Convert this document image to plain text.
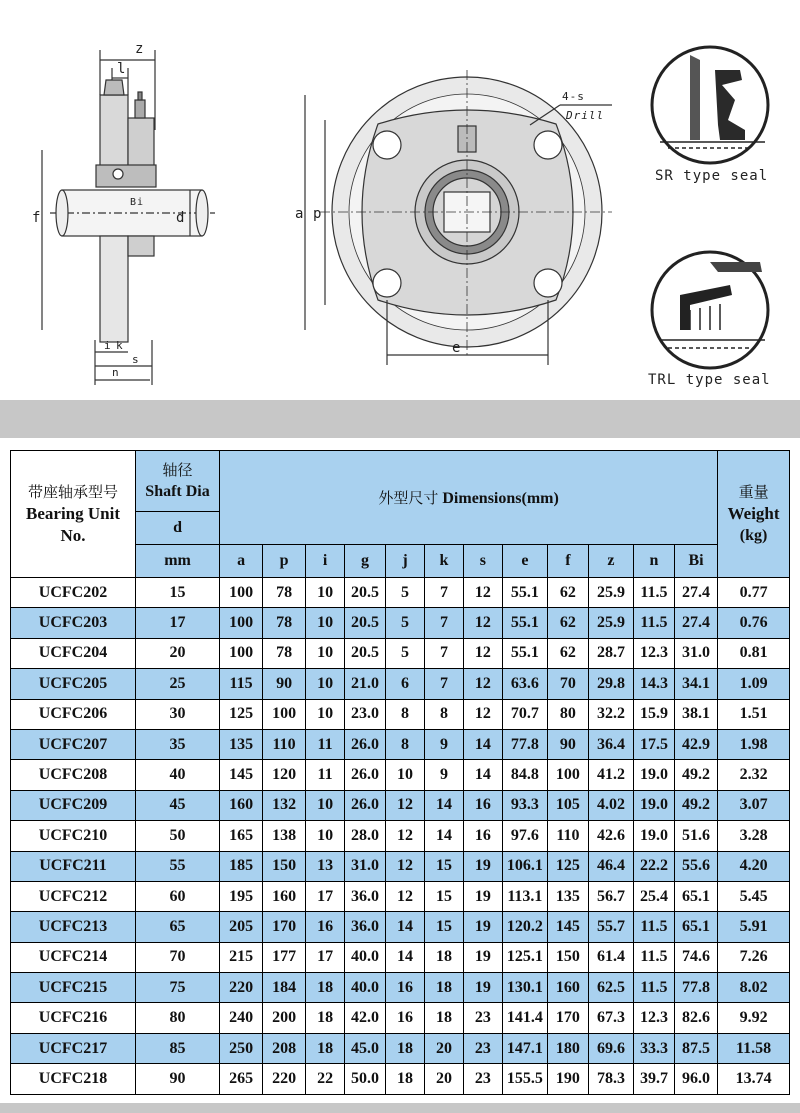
z
l
f	d
Bi
i k
s
n
4-s
Drill
a p
e
SR type seal
TRL type seal
带座轴承型号
Bearing Unit
No.	轴径
Shaft Dia	外型尺寸 Dimensions(mm)												重量
Weight
(kg)

	d													
	mm	a	p	i	g	j	k	s	e	f	z	n	Bi	
UCFC202	15	100	78	10	20.5	5	7	12	55.1	62	25.9	11.5	27.4	0.77
UCFC203	17	100	78	10	20.5	5	7	12	55.1	62	25.9	11.5	27.4	0.76
UCFC204	20	100	78	10	20.5	5	7	12	55.1	62	28.7	12.3	31.0	0.81
UCFC205	25	115	90	10	21.0	6	7	12	63.6	70	29.8	14.3	34.1	1.09
UCFC206	30	125	100	10	23.0	8	8	12	70.7	80	32.2	15.9	38.1	1.51
UCFC207	35	135	110	11	26.0	8	9	14	77.8	90	36.4	17.5	42.9	1.98
UCFC208	40	145	120	11	26.0	10	9	14	84.8	100	41.2	19.0	49.2	2.32
UCFC209	45	160	132	10	26.0	12	14	16	93.3	105	4.02	19.0	49.2	3.07
UCFC210	50	165	138	10	28.0	12	14	16	97.6	110	42.6	19.0	51.6	3.28
UCFC211	55	185	150	13	31.0	12	15	19	106.1	125	46.4	22.2	55.6	4.20
UCFC212	60	195	160	17	36.0	12	15	19	113.1	135	56.7	25.4	65.1	5.45
UCFC213	65	205	170	16	36.0	14	15	19	120.2	145	55.7	11.5	65.1	5.91
UCFC214	70	215	177	17	40.0	14	18	19	125.1	150	61.4	11.5	74.6	7.26
UCFC215	75	220	184	18	40.0	16	18	19	130.1	160	62.5	11.5	77.8	8.02
UCFC216	80	240	200	18	42.0	16	18	23	141.4	170	67.3	12.3	82.6	9.92
UCFC217	85	250	208	18	45.0	18	20	23	147.1	180	69.6	33.3	87.5	11.58
UCFC218	90	265	220	22	50.0	18	20	23	155.5	190	78.3	39.7	96.0	13.74
